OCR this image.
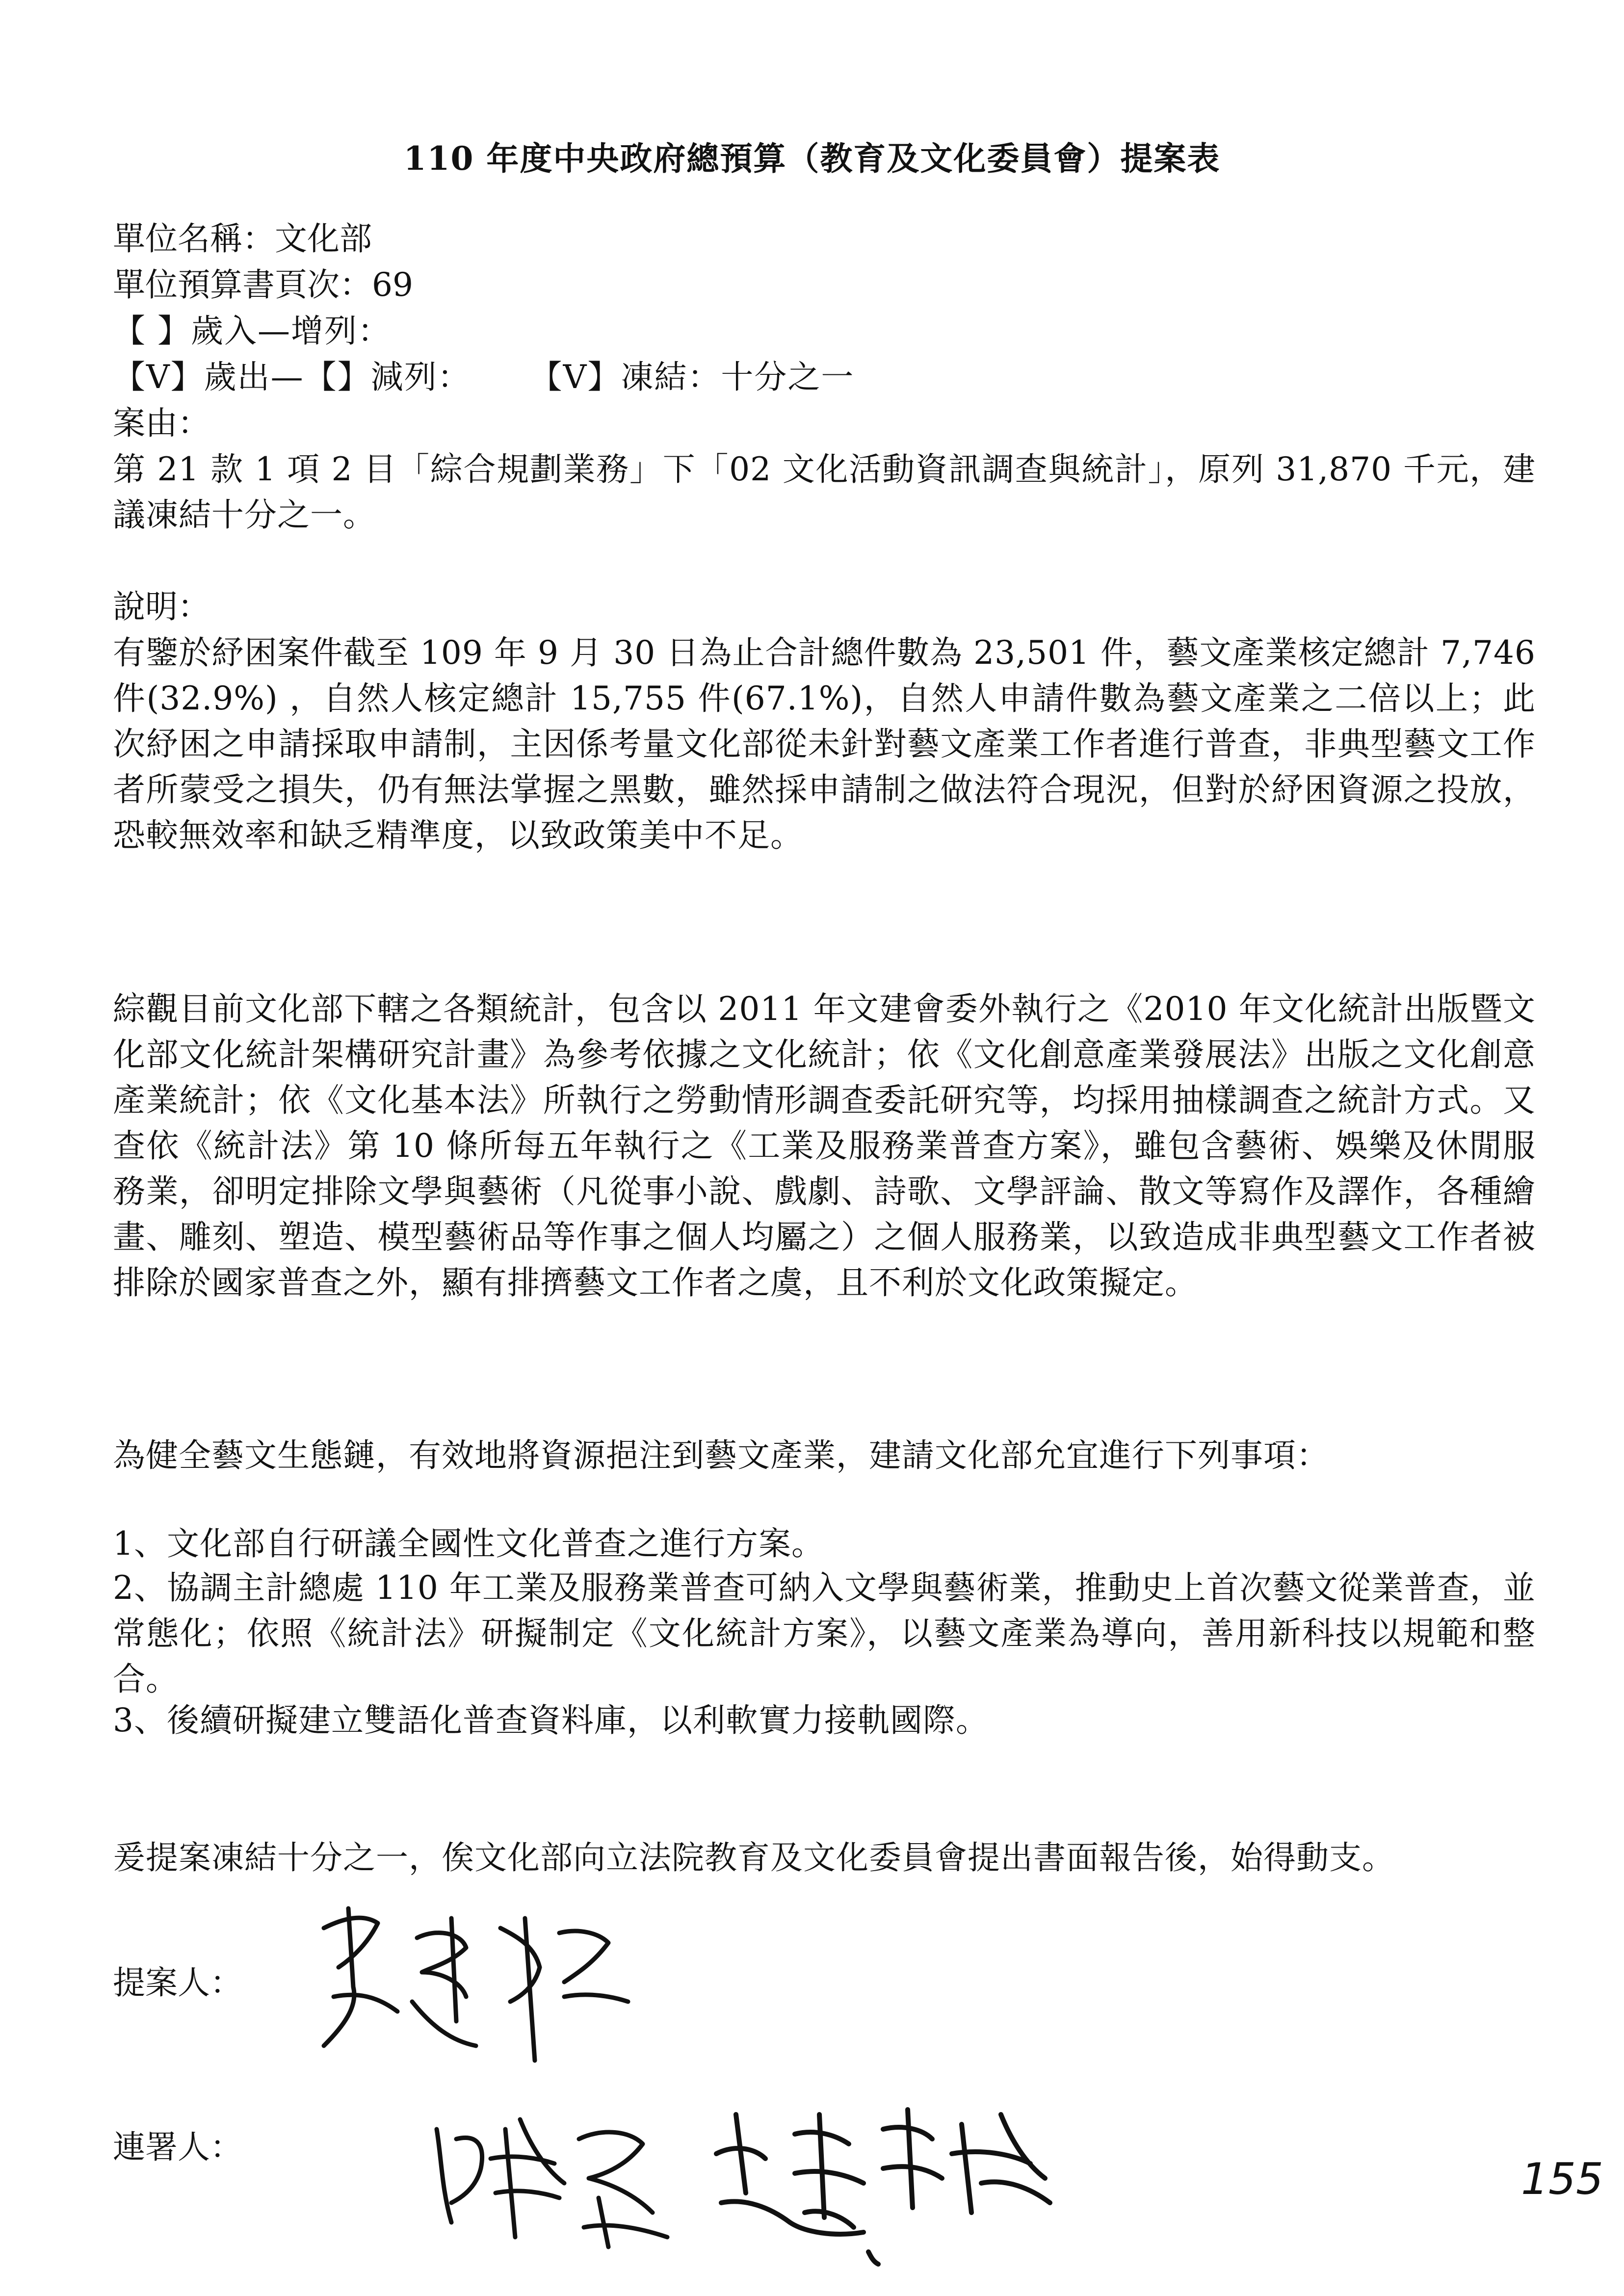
110 年度中央政府總預算（教育及文化委員會）提案表
單位名稱：文化部
單位預算書頁次：69
【 】歲入—增列：
【V】歲出—【】減列： 【V】凍結：十分之一
案由：
第 21 款 1 項 2 目「綜合規劃業務」下「02 文化活動資訊調查與統計」，原列 31,870 千元，建議凍結十分之一。
說明：
有鑒於紓困案件截至 109 年 9 月 30 日為止合計總件數為 23,501 件，藝文產業核定總計 7,746 件(32.9%) ，自然人核定總計 15,755 件(67.1%)，自然人申請件數為藝文產業之二倍以上；此次紓困之申請採取申請制，主因係考量文化部從未針對藝文產業工作者進行普查，非典型藝文工作者所蒙受之損失，仍有無法掌握之黑數，雖然採申請制之做法符合現況，但對於紓困資源之投放，恐較無效率和缺乏精準度，以致政策美中不足。
綜觀目前文化部下轄之各類統計，包含以 2011 年文建會委外執行之《2010 年文化統計出版暨文化部文化統計架構研究計畫》為參考依據之文化統計；依《文化創意產業發展法》出版之文化創意產業統計；依《文化基本法》所執行之勞動情形調查委託研究等，均採用抽樣調查之統計方式。又查依《統計法》第 10 條所每五年執行之《工業及服務業普查方案》，雖包含藝術、娛樂及休閒服務業，卻明定排除文學與藝術（凡從事小說、戲劇、詩歌、文學評論、散文等寫作及譯作，各種繪畫、雕刻、塑造、模型藝術品等作事之個人均屬之）之個人服務業，以致造成非典型藝文工作者被排除於國家普查之外，顯有排擠藝文工作者之虞，且不利於文化政策擬定。
為健全藝文生態鏈，有效地將資源挹注到藝文產業，建請文化部允宜進行下列事項：
1、文化部自行研議全國性文化普查之進行方案。
2、協調主計總處 110 年工業及服務業普查可納入文學與藝術業，推動史上首次藝文從業普查，並常態化；依照《統計法》研擬制定《文化統計方案》，以藝文產業為導向，善用新科技以規範和整合。
3、後續研擬建立雙語化普查資料庫，以利軟實力接軌國際。
爰提案凍結十分之一，俟文化部向立法院教育及文化委員會提出書面報告後，始得動支。
提案人：
連署人：
155
